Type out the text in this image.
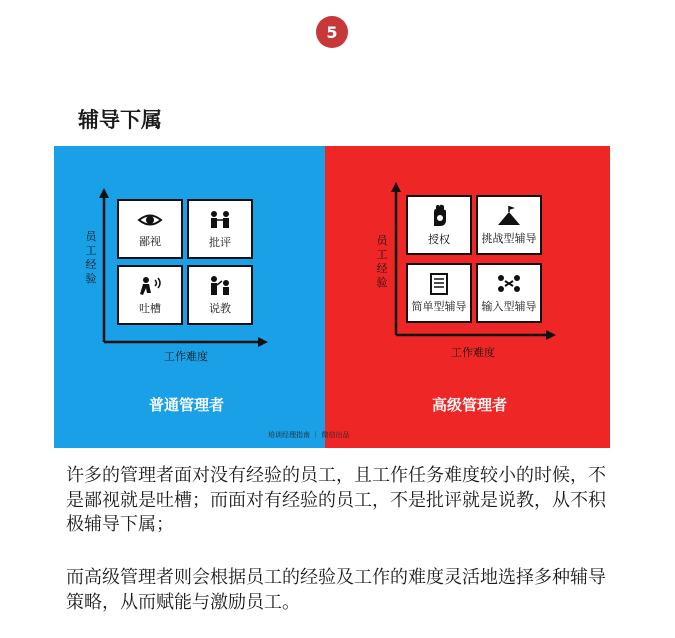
5
辅导下属
员工经验
工作难度
鄙视	批评
吐槽	说教
普通管理者
员工经验
工作难度
授权	挑战型辅导
简单型辅导 输入型辅导
高级管理者
培训经理指南 ｜ 微信出品
许多的管理者面对没有经验的员工，且工作任务难度较小的时候，不是鄙视就是吐槽；而面对有经验的员工，不是批评就是说教，从不积极辅导下属；
而高级管理者则会根据员工的经验及工作的难度灵活地选择多种辅导策略，从而赋能与激励员工。
